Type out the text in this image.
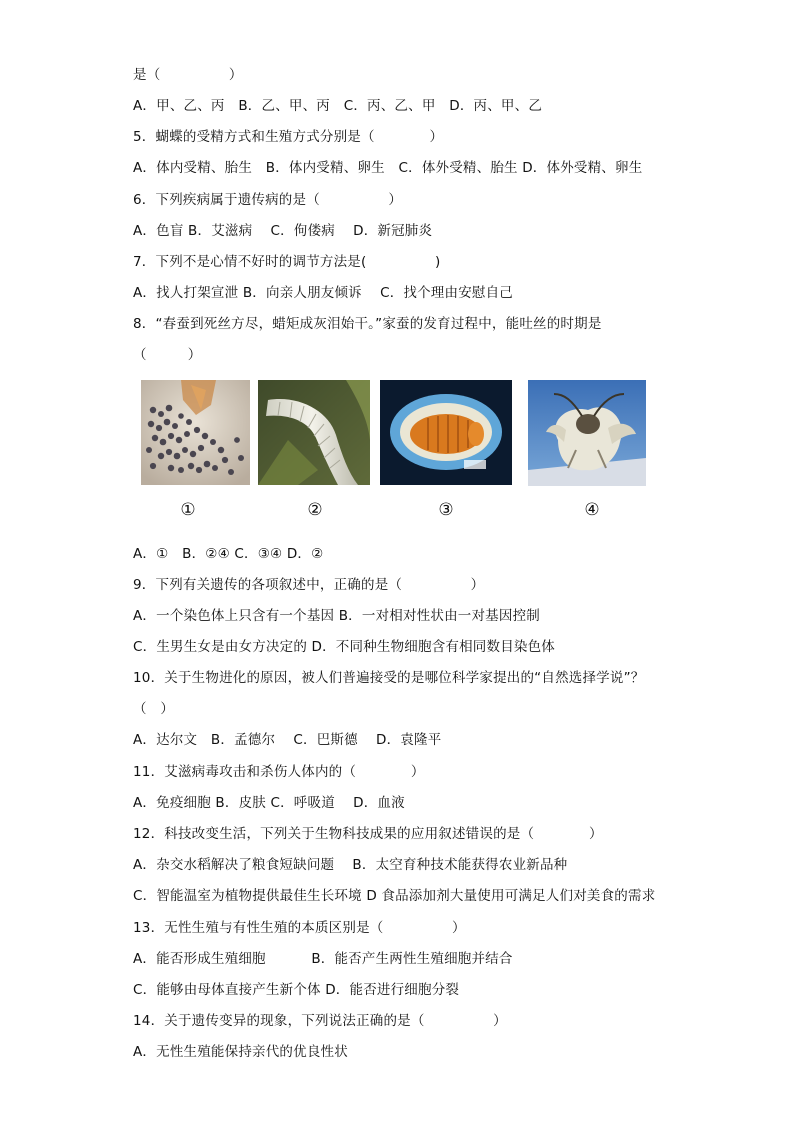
是（　　　　　）
A．甲、乙、丙　B．乙、甲、丙　C．丙、乙、甲　D．丙、甲、乙
5．蝴蝶的受精方式和生殖方式分别是（　　　　）
A．体内受精、胎生　B．体内受精、卵生　C．体外受精、胎生 D．体外受精、卵生
6．下列疾病属于遗传病的是（　　　　　）
A．色盲 B．艾滋病　 C．佝偻病　 D．新冠肺炎
7．下列不是心情不好时的调节方法是(　　　　　)
A．找人打架宣泄 B．向亲人朋友倾诉　 C．找个理由安慰自己
8．“春蚕到死丝方尽，蜡矩成灰泪始干。”家蚕的发育过程中，能吐丝的时期是
（　　　）
①	②	③	④
A．①　B．②④ C．③④ D．②
9．下列有关遗传的各项叙述中，正确的是（　　　　　）
A．一个染色体上只含有一个基因 B．一对相对性状由一对基因控制
C．生男生女是由女方决定的 D．不同种生物细胞含有相同数目染色体
10．关于生物进化的原因，被人们普遍接受的是哪位科学家提出的“自然选择学说”？
（　）
A．达尔文　B．孟德尔　 C．巴斯德　 D．袁隆平
11．艾滋病毒攻击和杀伤人体内的（　　　　）
A．免疫细胞 B．皮肤 C．呼吸道　 D．血液
12．科技改变生活，下列关于生物科技成果的应用叙述错误的是（　　　　）
A．杂交水稻解决了粮食短缺问题　 B．太空育种技术能获得农业新品种
C．智能温室为植物提供最佳生长环境 D 食品添加剂大量使用可满足人们对美食的需求
13．无性生殖与有性生殖的本质区别是（　　　　　）
A．能否形成生殖细胞　　　 B．能否产生两性生殖细胞并结合
C．能够由母体直接产生新个体 D．能否进行细胞分裂
14．关于遗传变异的现象，下列说法正确的是（　　　　　）
A．无性生殖能保持亲代的优良性状
